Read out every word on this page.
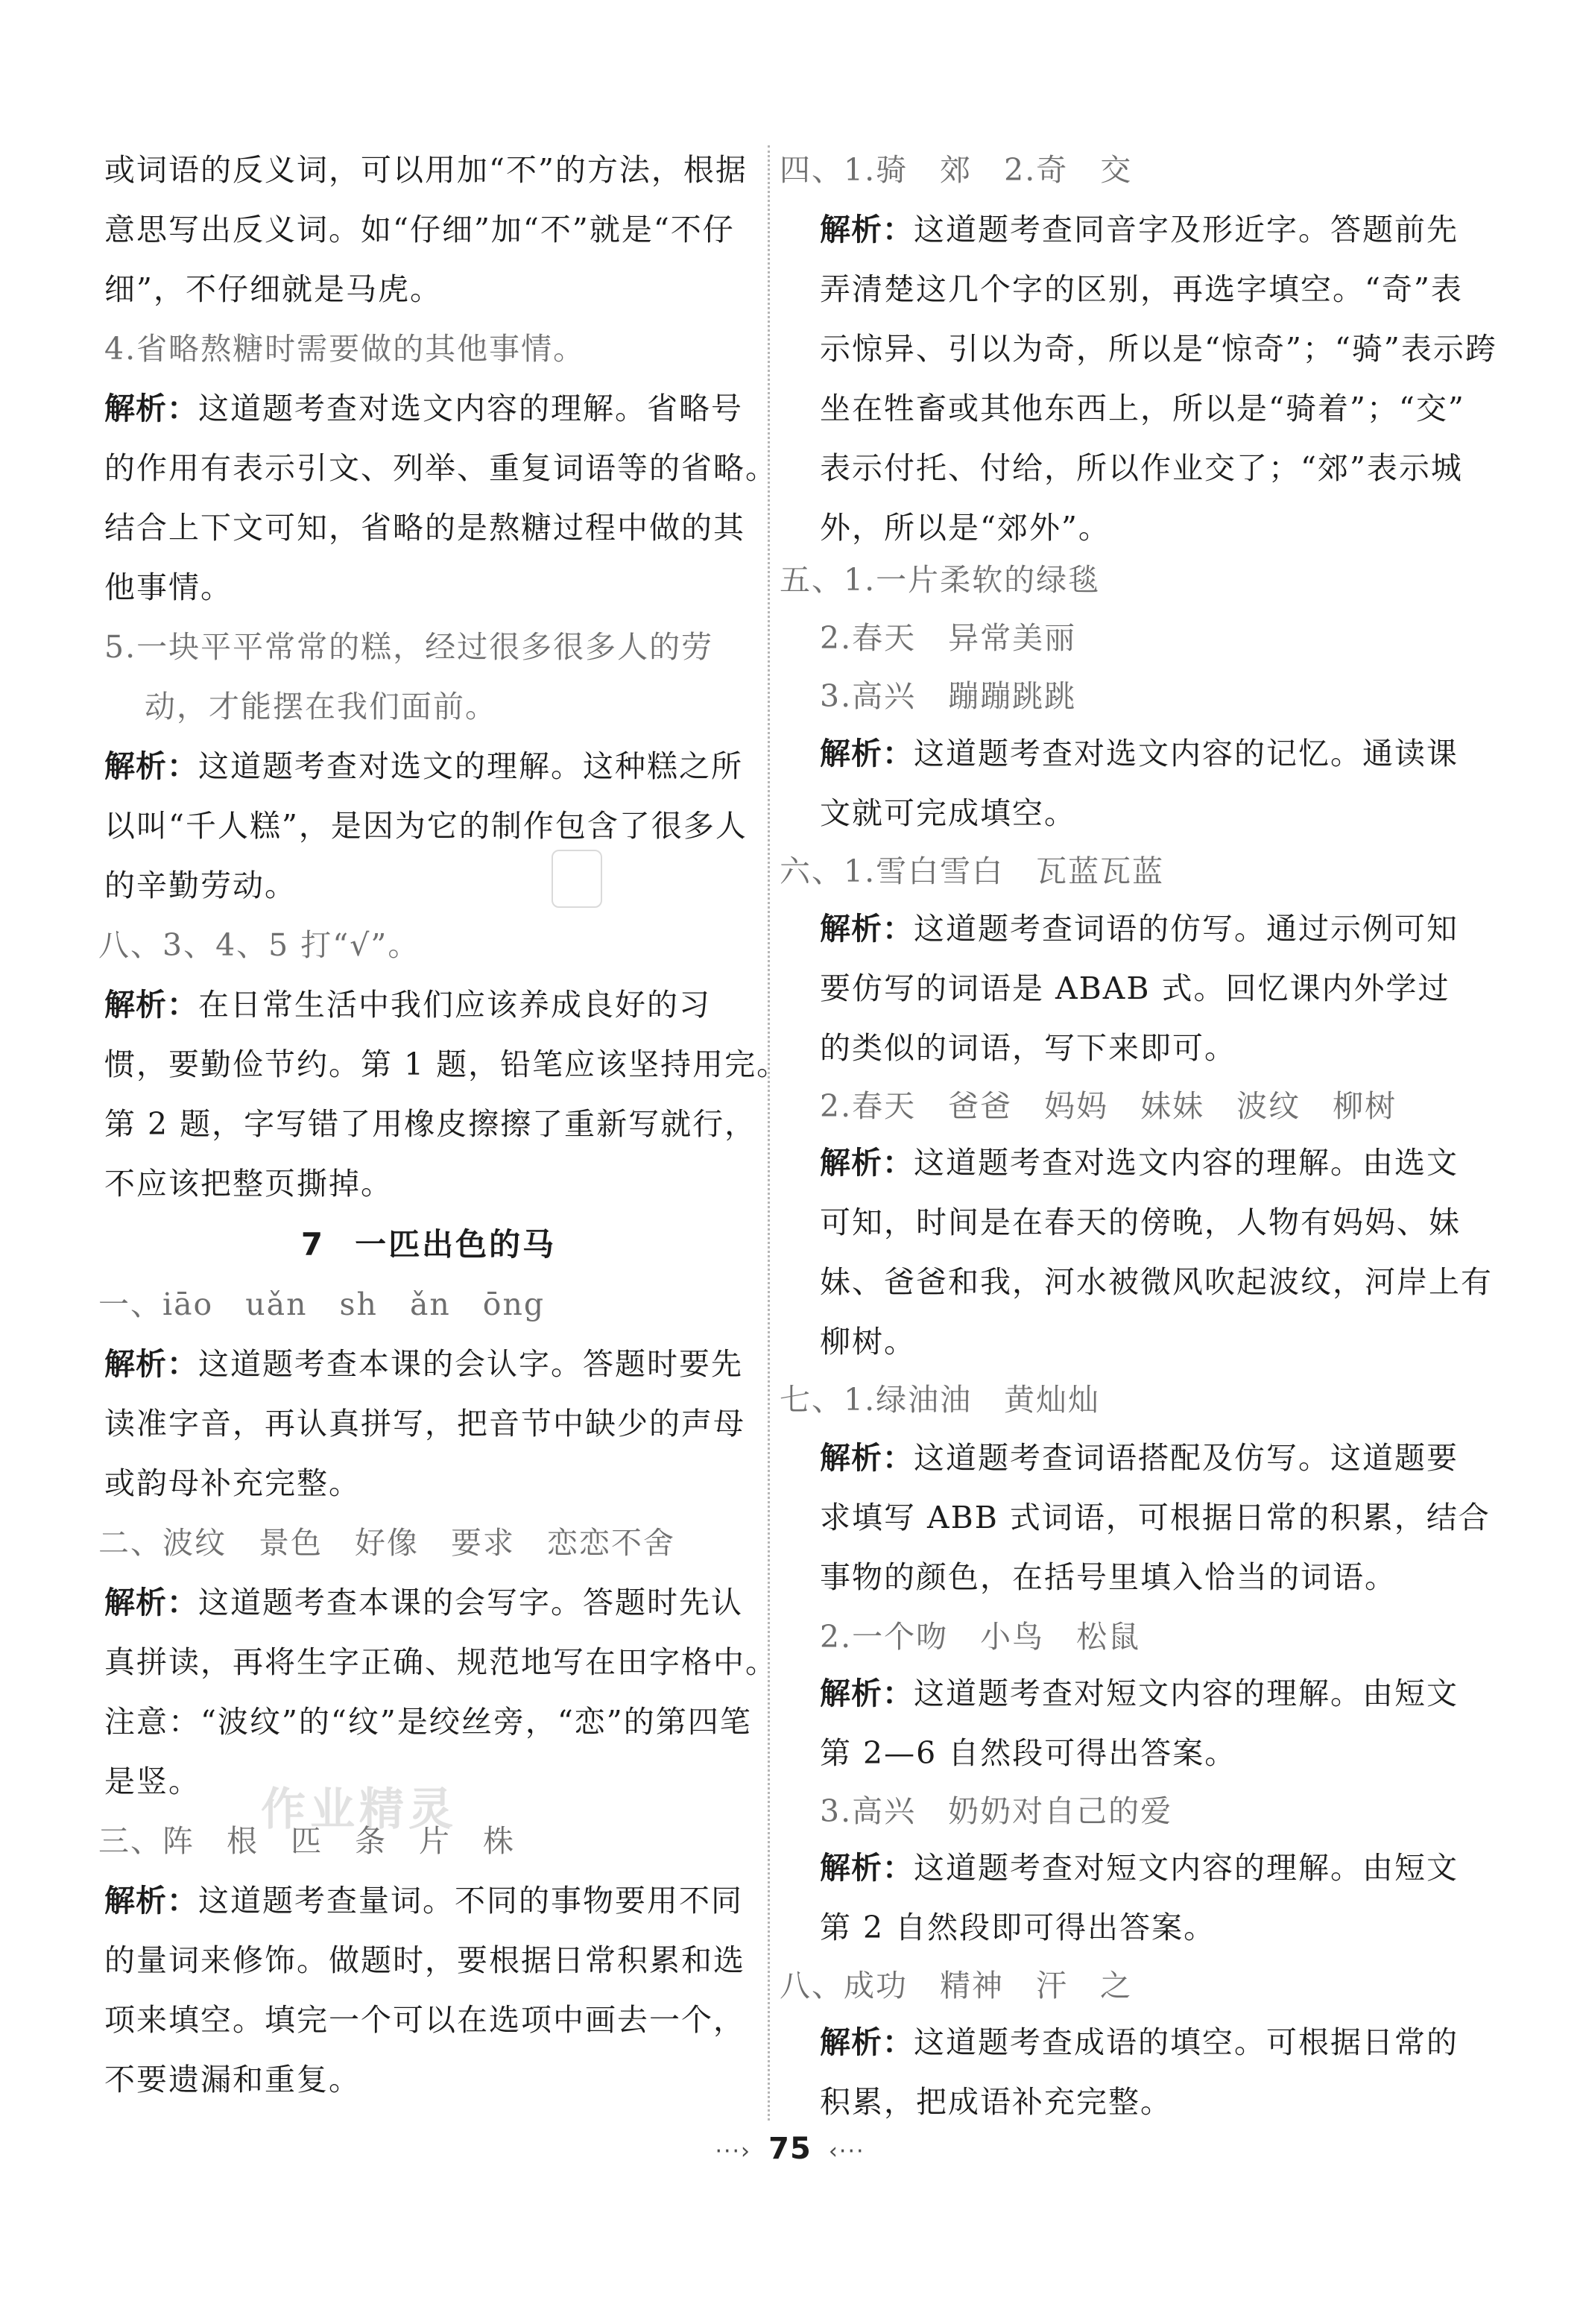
作业精灵
或词语的反义词，可以用加“不”的方法，根据
意思写出反义词。如“仔细”加“不”就是“不仔
细”，不仔细就是马虎。
4.省略熬糖时需要做的其他事情。
解析：这道题考查对选文内容的理解。省略号
的作用有表示引文、列举、重复词语等的省略。
结合上下文可知，省略的是熬糖过程中做的其
他事情。
5.一块平平常常的糕，经过很多很多人的劳
动，才能摆在我们面前。
解析：这道题考查对选文的理解。这种糕之所
以叫“千人糕”，是因为它的制作包含了很多人
的辛勤劳动。
八、3、4、5 打“√”。
解析：在日常生活中我们应该养成良好的习
惯，要勤俭节约。第 1 题，铅笔应该坚持用完。
第 2 题，字写错了用橡皮擦擦了重新写就行，
不应该把整页撕掉。
7 一匹出色的马
一、iāo　uǎn　sh　ǎn　ōng
解析：这道题考查本课的会认字。答题时要先
读准字音，再认真拼写，把音节中缺少的声母
或韵母补充完整。
二、波纹　景色　好像　要求　恋恋不舍
解析：这道题考查本课的会写字。答题时先认
真拼读，再将生字正确、规范地写在田字格中。
注意：“波纹”的“纹”是绞丝旁，“恋”的第四笔
是竖。
三、阵　根　匹　条　片　株
解析：这道题考查量词。不同的事物要用不同
的量词来修饰。做题时，要根据日常积累和选
项来填空。填完一个可以在选项中画去一个，
不要遗漏和重复。
四、1.骑　郊　2.奇　交
解析：这道题考查同音字及形近字。答题前先
弄清楚这几个字的区别，再选字填空。“奇”表
示惊异、引以为奇，所以是“惊奇”；“骑”表示跨
坐在牲畜或其他东西上，所以是“骑着”；“交”
表示付托、付给，所以作业交了；“郊”表示城
外，所以是“郊外”。
五、1.一片柔软的绿毯
2.春天　异常美丽
3.高兴　蹦蹦跳跳
解析：这道题考查对选文内容的记忆。通读课
文就可完成填空。
六、1.雪白雪白　瓦蓝瓦蓝
解析：这道题考查词语的仿写。通过示例可知
要仿写的词语是 ABAB 式。回忆课内外学过
的类似的词语，写下来即可。
2.春天　爸爸　妈妈　妹妹　波纹　柳树
解析：这道题考查对选文内容的理解。由选文
可知，时间是在春天的傍晚，人物有妈妈、妹
妹、爸爸和我，河水被微风吹起波纹，河岸上有
柳树。
七、1.绿油油　黄灿灿
解析：这道题考查词语搭配及仿写。这道题要
求填写 ABB 式词语，可根据日常的积累，结合
事物的颜色，在括号里填入恰当的词语。
2.一个吻　小鸟　松鼠
解析：这道题考查对短文内容的理解。由短文
第 2—6 自然段可得出答案。
3.高兴　奶奶对自己的爱
解析：这道题考查对短文内容的理解。由短文
第 2 自然段即可得出答案。
八、成功　精神　汗　之
解析：这道题考查成语的填空。可根据日常的
积累，把成语补充完整。
···› 75 ‹···
